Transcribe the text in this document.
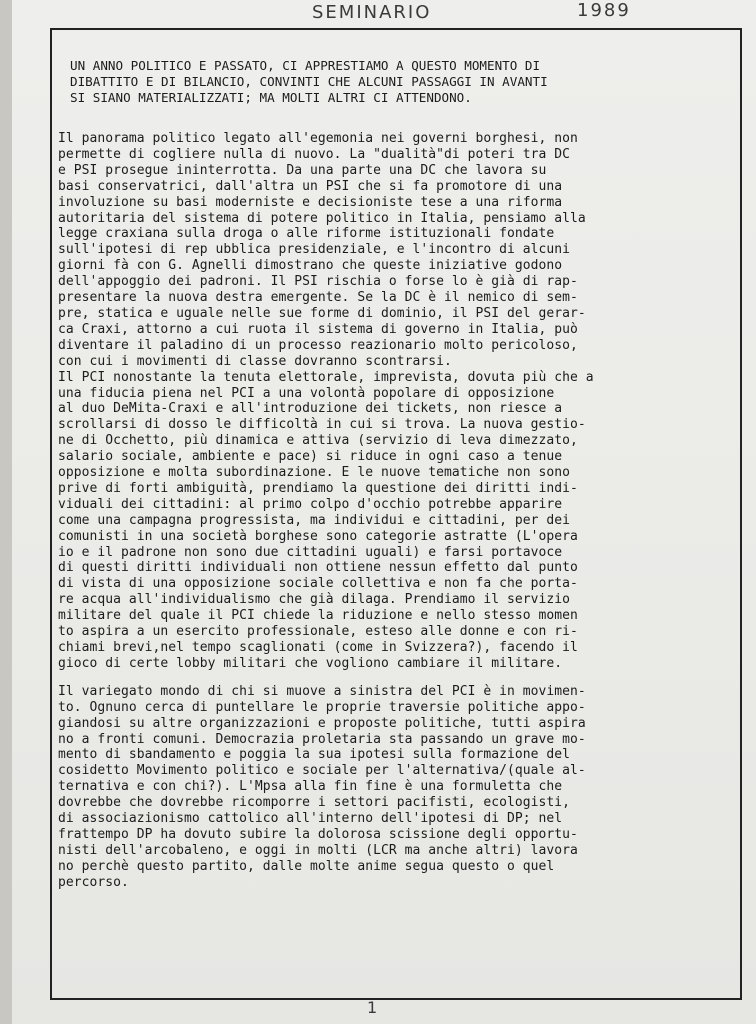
SEMINARIO	1989
1

UN ANNO POLITICO E PASSATO, CI APPRESTIAMO A QUESTO MOMENTO DI
DIBATTITO E DI BILANCIO, CONVINTI CHE ALCUNI PASSAGGI IN AVANTI
SI SIANO MATERIALIZZATI; MA MOLTI ALTRI CI ATTENDONO.

Il panorama politico legato all'egemonia nei governi borghesi, non
permette di cogliere nulla di nuovo. La "dualità"di poteri tra DC
e PSI prosegue ininterrotta. Da una parte una DC che lavora su
basi conservatrici, dall'altra un PSI che si fa promotore di una
involuzione su basi moderniste e decisioniste tese a una riforma
autoritaria del sistema di potere politico in Italia, pensiamo alla
legge craxiana sulla droga o alle riforme istituzionali fondate
sull'ipotesi di rep ubblica presidenziale, e l'incontro di alcuni
giorni fà con G. Agnelli dimostrano che queste iniziative godono
dell'appoggio dei padroni. Il PSI rischia o forse lo è già di rap-
presentare la nuova destra emergente. Se la DC è il nemico di sem-
pre, statica e uguale nelle sue forme di dominio, il PSI del gerar-
ca Craxi, attorno a cui ruota il sistema di governo in Italia, può
diventare il paladino di un processo reazionario molto pericoloso,
con cui i movimenti di classe dovranno scontrarsi.

Il PCI nonostante la tenuta elettorale, imprevista, dovuta più che a
una fiducia piena nel PCI a una volontà popolare di opposizione
al duo DeMita-Craxi e all'introduzione dei tickets, non riesce a
scrollarsi di dosso le difficoltà in cui si trova. La nuova gestio-
ne di Occhetto, più dinamica e attiva (servizio di leva dimezzato,
salario sociale, ambiente e pace) si riduce in ogni caso a tenue
opposizione e molta subordinazione. E le nuove tematiche non sono
prive di forti ambiguità, prendiamo la questione dei diritti indi-
viduali dei cittadini: al primo colpo d'occhio potrebbe apparire
come una campagna progressista, ma individui e cittadini, per dei
comunisti in una società borghese sono categorie astratte (L'opera
io e il padrone non sono due cittadini uguali) e farsi portavoce
di questi diritti individuali non ottiene nessun effetto dal punto
di vista di una opposizione sociale collettiva e non fa che porta-
re acqua all'individualismo che già dilaga. Prendiamo il servizio
militare del quale il PCI chiede la riduzione e nello stesso momen
to aspira a un esercito professionale, esteso alle donne e con ri-
chiami brevi,nel tempo scaglionati (come in Svizzera?), facendo il
gioco di certe lobby militari che vogliono cambiare il militare.

Il variegato mondo di chi si muove a sinistra del PCI è in movimen-
to. Ognuno cerca di puntellare le proprie traversie politiche appo-
giandosi su altre organizzazioni e proposte politiche, tutti aspira
no a fronti comuni. Democrazia proletaria sta passando un grave mo-
mento di sbandamento e poggia la sua ipotesi sulla formazione del
cosidetto Movimento politico e sociale per l'alternativa/(quale al-
ternativa e con chi?). L'Mpsa alla fin fine è una formuletta che
dovrebbe che dovrebbe ricomporre i settori pacifisti, ecologisti,
di associazionismo cattolico all'interno dell'ipotesi di DP; nel
frattempo DP ha dovuto subire la dolorosa scissione degli opportu-
nisti dell'arcobaleno, e oggi in molti (LCR ma anche altri) lavora
no perchè questo partito, dalle molte anime segua questo o quel
percorso.
